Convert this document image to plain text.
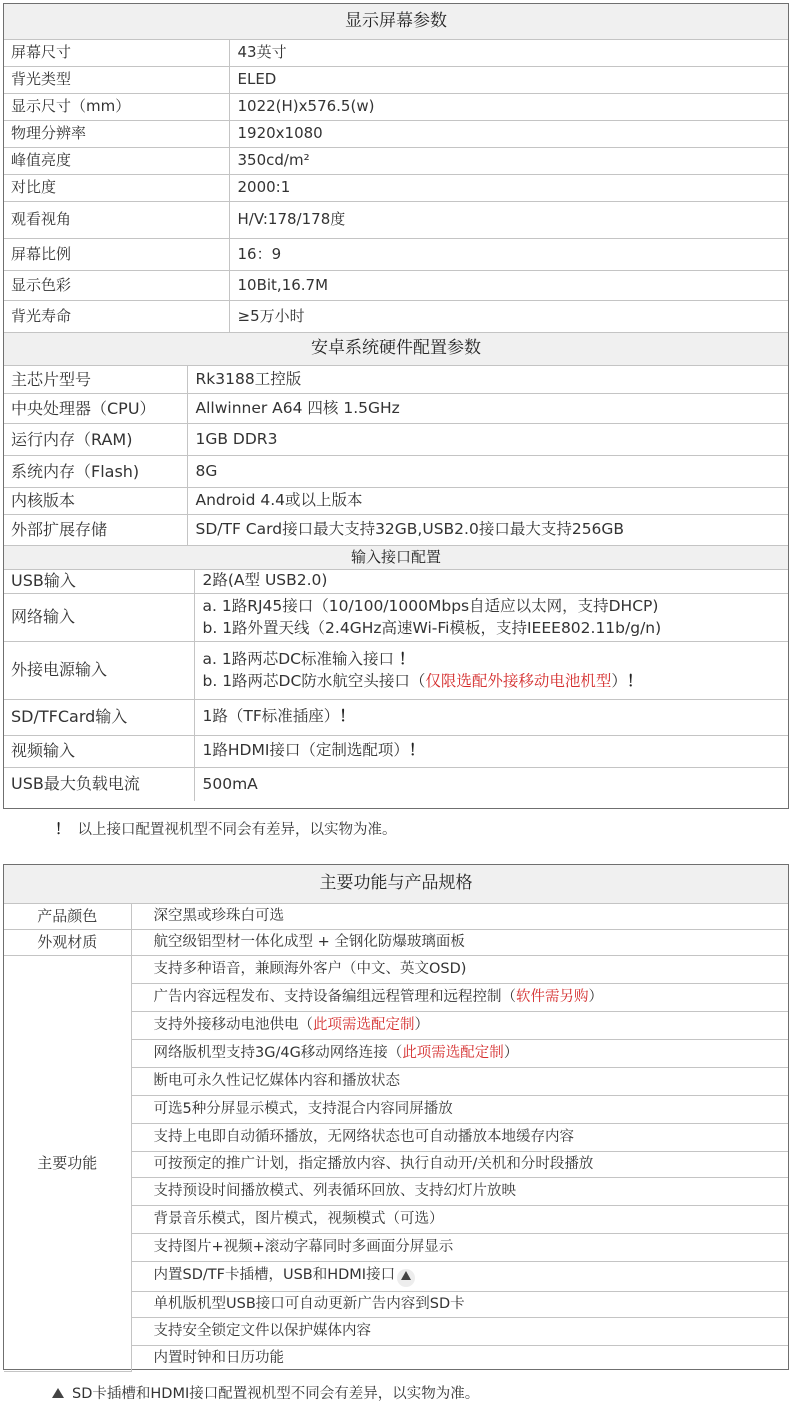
显示屏幕参数	
屏幕尺寸	43英寸
背光类型	ELED
显示尺寸（mm）	1022(H)x576.5(w)
物理分辨率	1920x1080
峰值亮度	350cd/m²
对比度	2000:1
观看视角	H/V:178/178度
屏幕比例	16：9
显示色彩	10Bit,16.7M
背光寿命	≥5万小时
安卓系统硬件配置参数	
主芯片型号	Rk3188工控版
中央处理器（CPU）	Allwinner A64 四核 1.5GHz
运行内存（RAM)	1GB DDR3
系统内存（Flash)	8G
内核版本	Android 4.4或以上版本
外部扩展存储	SD/TF Card接口最大支持32GB,USB2.0接口最大支持256GB
输入接口配置	
USB输入	2路(A型 USB2.0)
网络输入	a. 1路RJ45接口（10/100/1000Mbps自适应以太网，支持DHCP)
b. 1路外置天线（2.4GHz高速Wi-Fi模板，支持IEEE802.11b/g/n)

外接电源输入	a. 1路两芯DC标准输入接口 ！
b. 1路两芯DC防水航空头接口（仅限选配外接移动电池机型）！

SD/TFCard输入	1路（TF标准插座）！
视频输入	1路HDMI接口（定制选配项）！
USB最大负载电流	500mA
！ 以上接口配置视机型不同会有差异，以实物为准。
主要功能与产品规格	
产品颜色	深空黑或珍珠白可选
外观材质	航空级铝型材一体化成型 + 全钢化防爆玻璃面板
主要功能	支持多种语音，兼顾海外客户（中文、英文OSD)
	广告内容远程发布、支持设备编组远程管理和远程控制（软件需另购）
	支持外接移动电池供电（此项需选配定制）
	网络版机型支持3G/4G移动网络连接（此项需选配定制）
	断电可永久性记忆媒体内容和播放状态
	可选5种分屏显示模式，支持混合内容同屏播放
	支持上电即自动循环播放，无网络状态也可自动播放本地缓存内容
	可按预定的推广计划，指定播放内容、执行自动开/关机和分时段播放
	支持预设时间播放模式、列表循环回放、支持幻灯片放映
	背景音乐模式，图片模式，视频模式（可选）
	支持图片+视频+滚动字幕同时多画面分屏显示
	内置SD/TF卡插槽，USB和HDMI接口
	单机版机型USB接口可自动更新广告内容到SD卡
	支持安全锁定文件以保护媒体内容
	内置时钟和日历功能
SD卡插槽和HDMI接口配置视机型不同会有差异，以实物为准。
